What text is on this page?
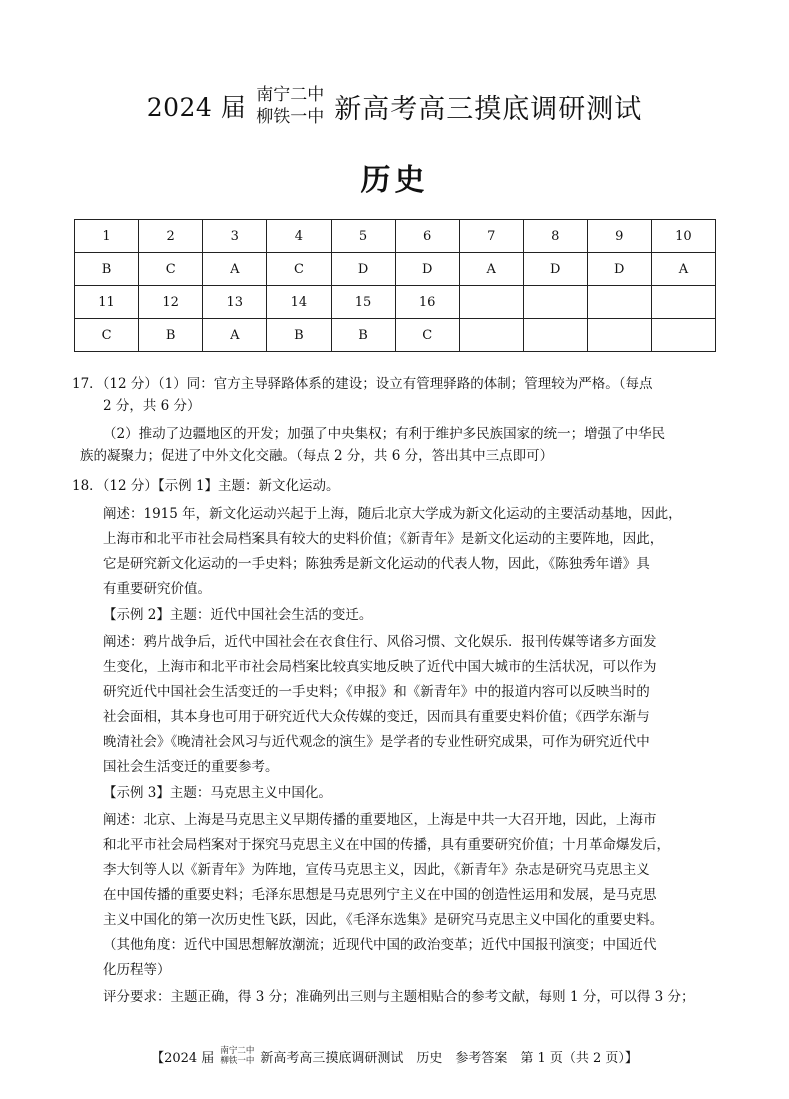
2024 届 南宁二中
柳铁一中 新高考高三摸底调研测试
历史
1	2	3	4	5	6	7	8	9	10
B	C	A	C	D	D	A	D	D	A
11	12	13	14	15	16				
C	B	A	B	B	C				
17．（12 分）（1）同：官方主导驿路体系的建设；设立有管理驿路的体制；管理较为严格。（每点
2 分，共 6 分）
（2）推动了边疆地区的开发；加强了中央集权；有利于维护多民族国家的统一；增强了中华民
族的凝聚力；促进了中外文化交融。（每点 2 分，共 6 分，答出其中三点即可）
18．（12 分）【示例 1】主题：新文化运动。
阐述：1915 年，新文化运动兴起于上海，随后北京大学成为新文化运动的主要活动基地，因此，
上海市和北平市社会局档案具有较大的史料价值；《新青年》是新文化运动的主要阵地，因此，
它是研究新文化运动的一手史料；陈独秀是新文化运动的代表人物，因此，《陈独秀年谱》具
有重要研究价值。
【示例 2】主题：近代中国社会生活的变迁。
阐述：鸦片战争后，近代中国社会在衣食住行、风俗习惯、文化娱乐．报刊传媒等诸多方面发
生变化，上海市和北平市社会局档案比较真实地反映了近代中国大城市的生活状况，可以作为
研究近代中国社会生活变迁的一手史料；《申报》和《新青年》中的报道内容可以反映当时的
社会面相，其本身也可用于研究近代大众传媒的变迁，因而具有重要史料价值；《西学东渐与
晚清社会》《晚清社会风习与近代观念的演生》是学者的专业性研究成果，可作为研究近代中
国社会生活变迁的重要参考。
【示例 3】主题：马克思主义中国化。
阐述：北京、上海是马克思主义早期传播的重要地区，上海是中共一大召开地，因此，上海市
和北平市社会局档案对于探究马克思主义在中国的传播，具有重要研究价值；十月革命爆发后，
李大钊等人以《新青年》为阵地，宣传马克思主义，因此，《新青年》杂志是研究马克思主义
在中国传播的重要史料；毛泽东思想是马克思列宁主义在中国的创造性运用和发展，是马克思
主义中国化的第一次历史性飞跃，因此，《毛泽东选集》是研究马克思主义中国化的重要史料。
（其他角度：近代中国思想解放潮流；近现代中国的政治变革；近代中国报刊演变；中国近代
化历程等）
评分要求：主题正确，得 3 分；准确列出三则与主题相贴合的参考文献，每则 1 分，可以得 3 分；
【2024 届 南宁二中
柳铁一中 新高考高三摸底调研测试　历史　参考答案　第 1 页（共 2 页）】
